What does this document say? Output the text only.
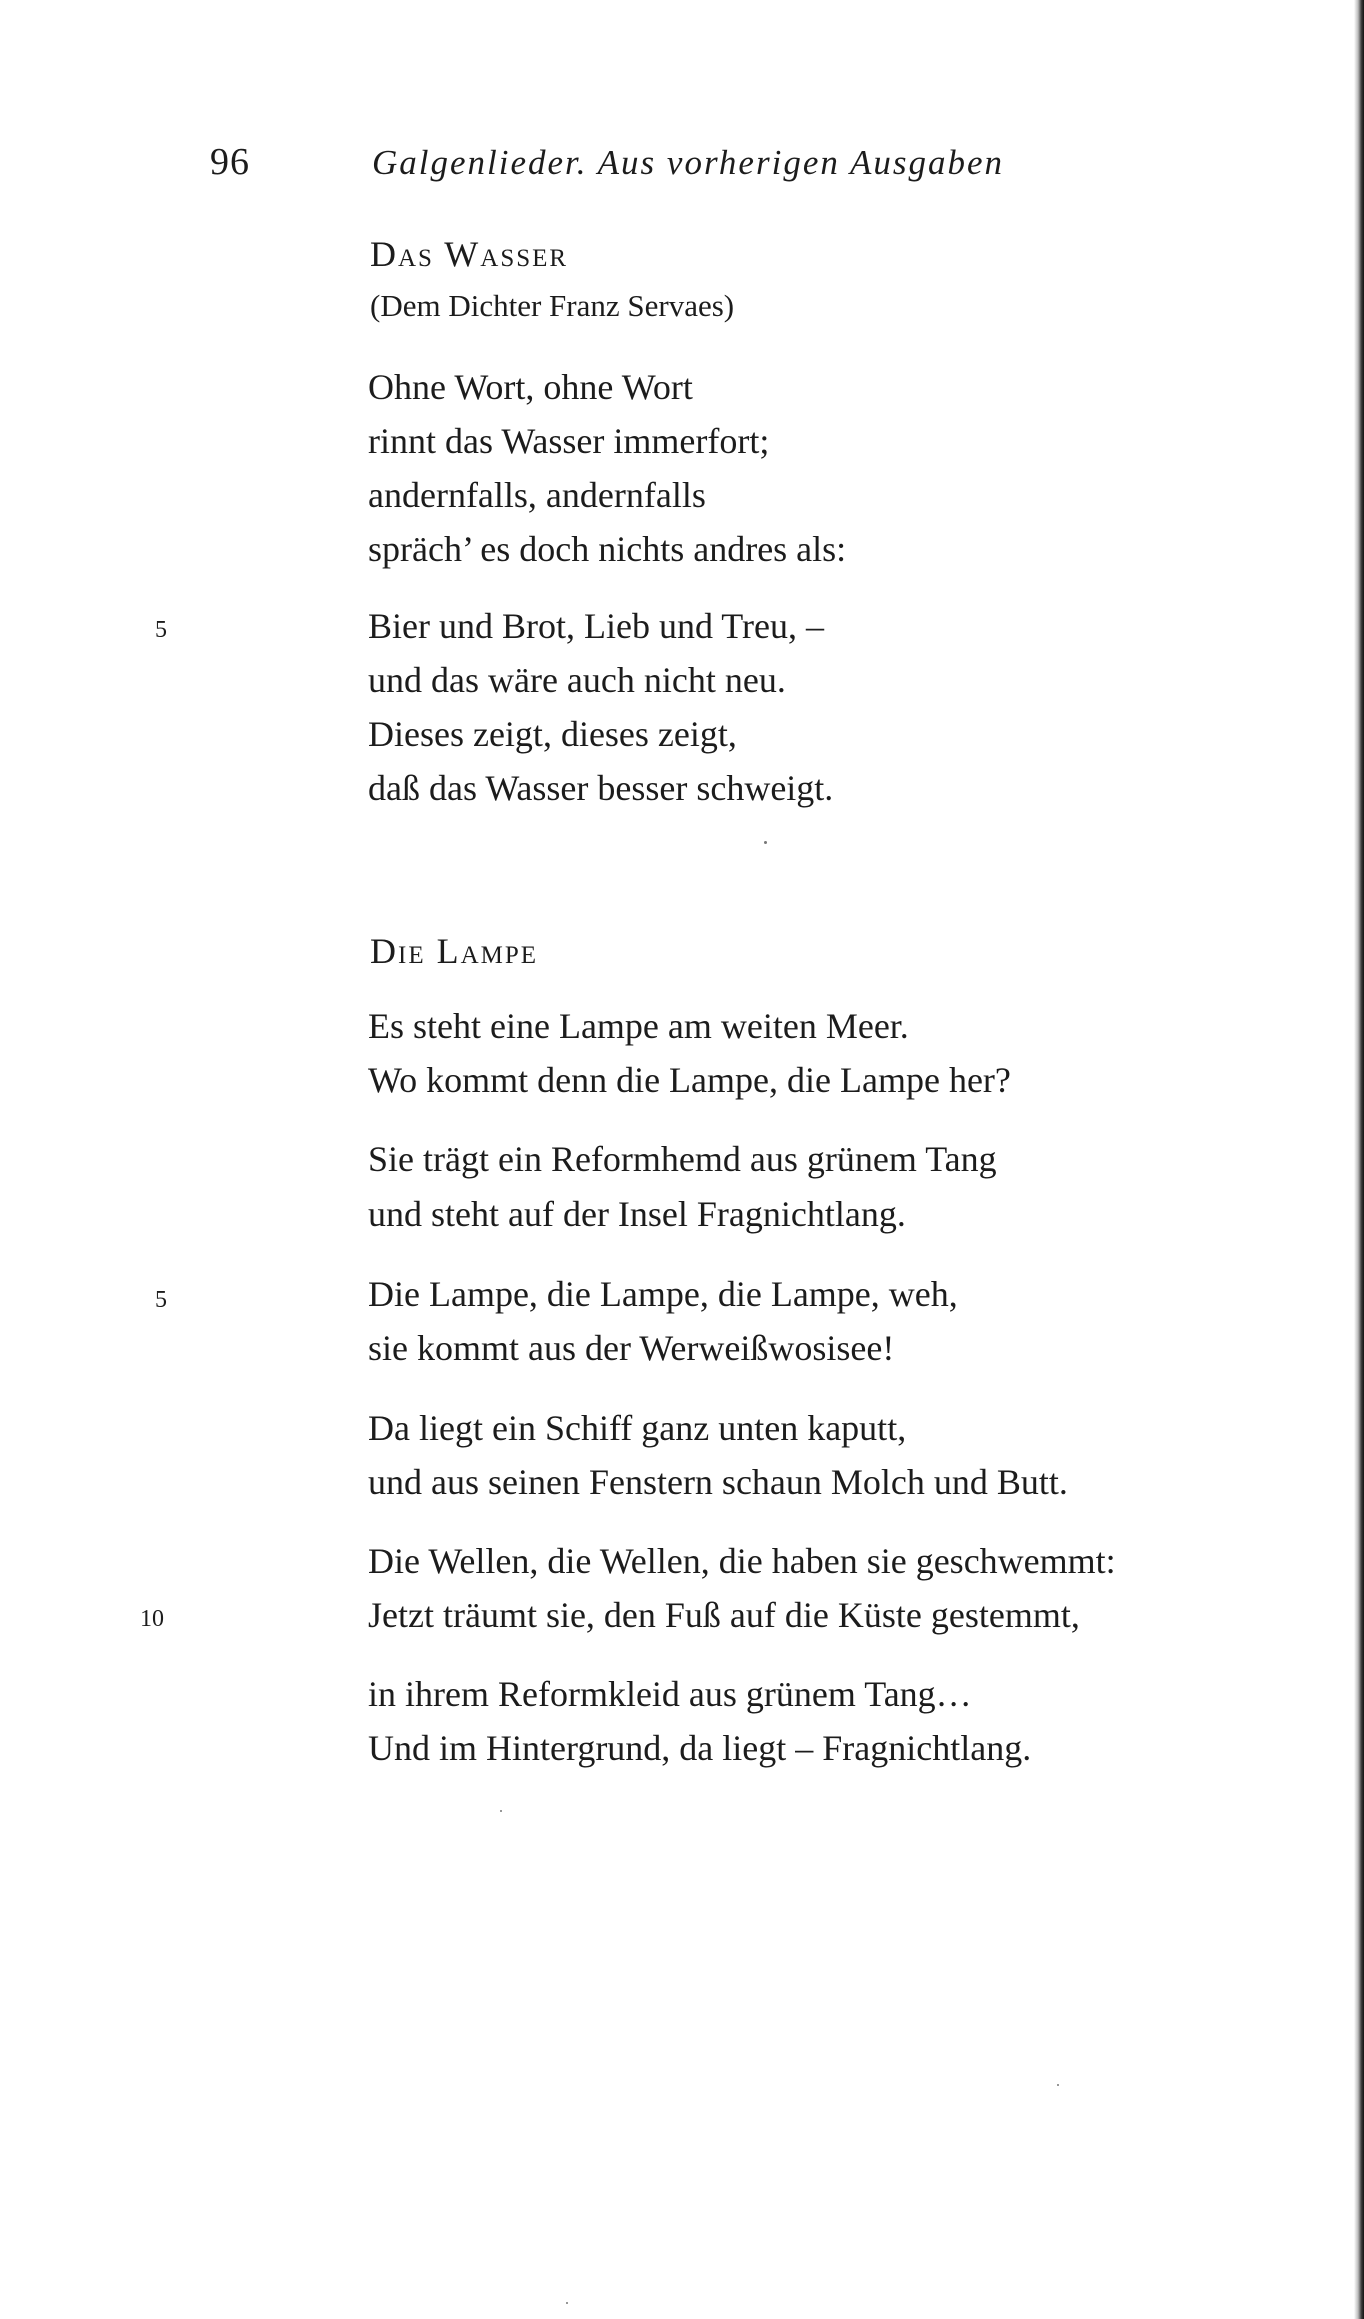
96	Galgenlieder. Aus vorherigen Ausgaben
Das Wasser
(Dem Dichter Franz Servaes)
Ohne Wort, ohne Wort
rinnt das Wasser immerfort;
andernfalls, andernfalls
spräch’ es doch nichts andres als:
5	Bier und Brot, Lieb und Treu, –
und das wäre auch nicht neu.
Dieses zeigt, dieses zeigt,
daß das Wasser besser schweigt.
Die Lampe
Es steht eine Lampe am weiten Meer.
Wo kommt denn die Lampe, die Lampe her?
Sie trägt ein Reformhemd aus grünem Tang
und steht auf der Insel Fragnichtlang.
5	Die Lampe, die Lampe, die Lampe, weh,
sie kommt aus der Werweißwosisee!
Da liegt ein Schiff ganz unten kaputt,
und aus seinen Fenstern schaun Molch und Butt.
Die Wellen, die Wellen, die haben sie geschwemmt:
10	Jetzt träumt sie, den Fuß auf die Küste gestemmt,
in ihrem Reformkleid aus grünem Tang…
Und im Hintergrund, da liegt – Fragnichtlang.
